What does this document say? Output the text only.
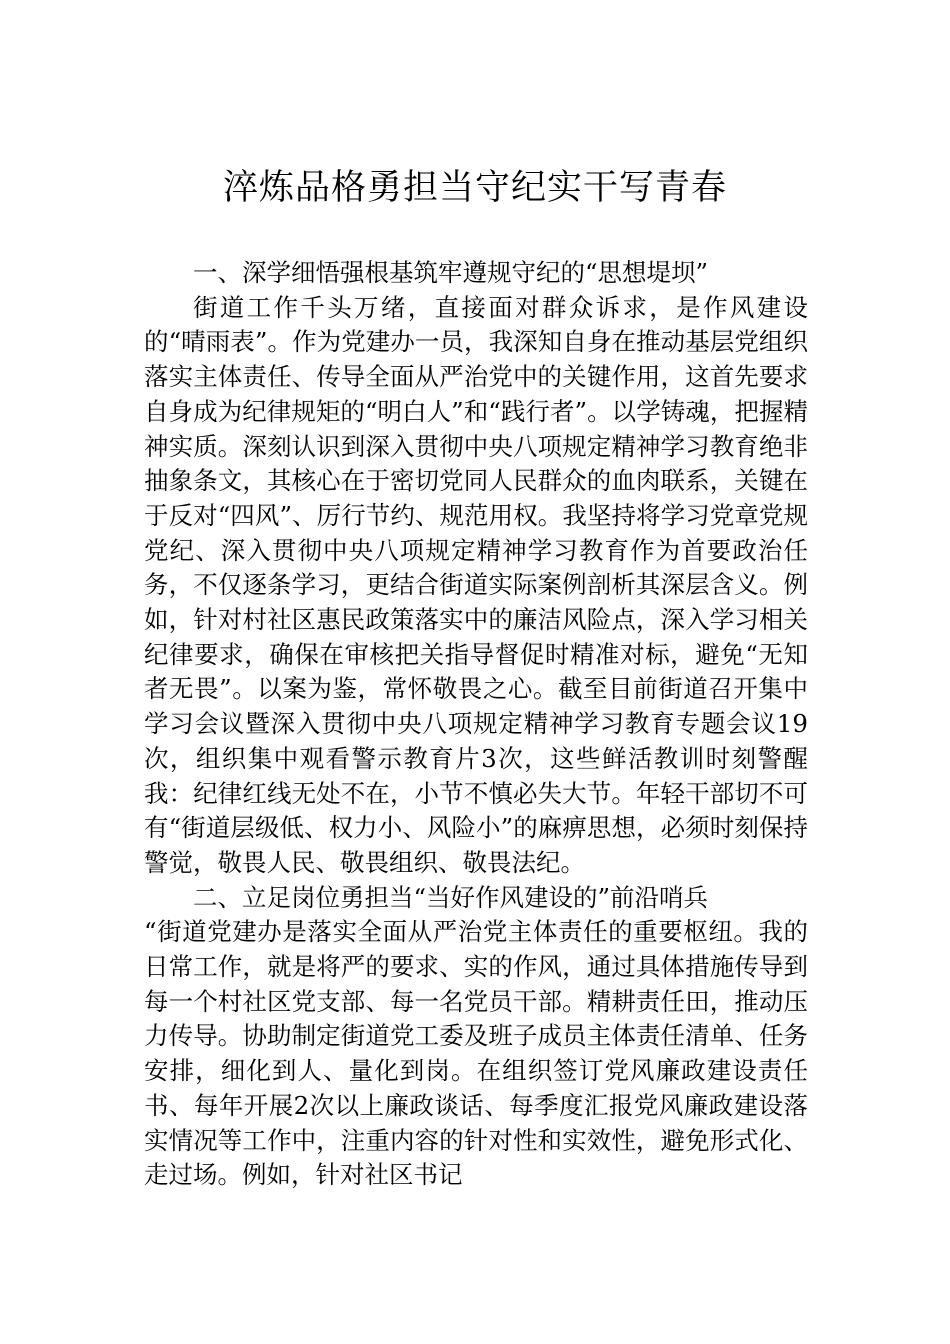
淬炼品格勇担当守纪实干写青春

一、深学细悟强根基筑牢遵规守纪的“思想堤坝”

街道工作千头万绪，直接面对群众诉求，是作风建设的“晴雨表”。作为党建办一员，我深知自身在推动基层党组织落实主体责任、传导全面从严治党中的关键作用，这首先要求自身成为纪律规矩的“明白人”和“践行者”。以学铸魂，把握精神实质。深刻认识到深入贯彻中央八项规定精神学习教育绝非抽象条文，其核心在于密切党同人民群众的血肉联系，关键在于反对“四风”、厉行节约、规范用权。我坚持将学习党章党规党纪、深入贯彻中央八项规定精神学习教育作为首要政治任务，不仅逐条学习，更结合街道实际案例剖析其深层含义。例如，针对村社区惠民政策落实中的廉洁风险点，深入学习相关纪律要求，确保在审核把关指导督促时精准对标，避免“无知者无畏”。以案为鉴，常怀敬畏之心。截至目前街道召开集中学习会议暨深入贯彻中央八项规定精神学习教育专题会议19次，组织集中观看警示教育片3次，这些鲜活教训时刻警醒我：纪律红线无处不在，小节不慎必失大节。年轻干部切不可有“街道层级低、权力小、风险小”的麻痹思想，必须时刻保持警觉，敬畏人民、敬畏组织、敬畏法纪。

二、立足岗位勇担当“当好作风建设的”前沿哨兵

“街道党建办是落实全面从严治党主体责任的重要枢纽。我的日常工作，就是将严的要求、实的作风，通过具体措施传导到每一个村社区党支部、每一名党员干部。精耕责任田，推动压力传导。协助制定街道党工委及班子成员主体责任清单、任务安排，细化到人、量化到岗。在组织签订党风廉政建设责任书、每年开展2次以上廉政谈话、每季度汇报党风廉政建设落实情况等工作中，注重内容的针对性和实效性，避免形式化、走过场。例如，针对社区书记
